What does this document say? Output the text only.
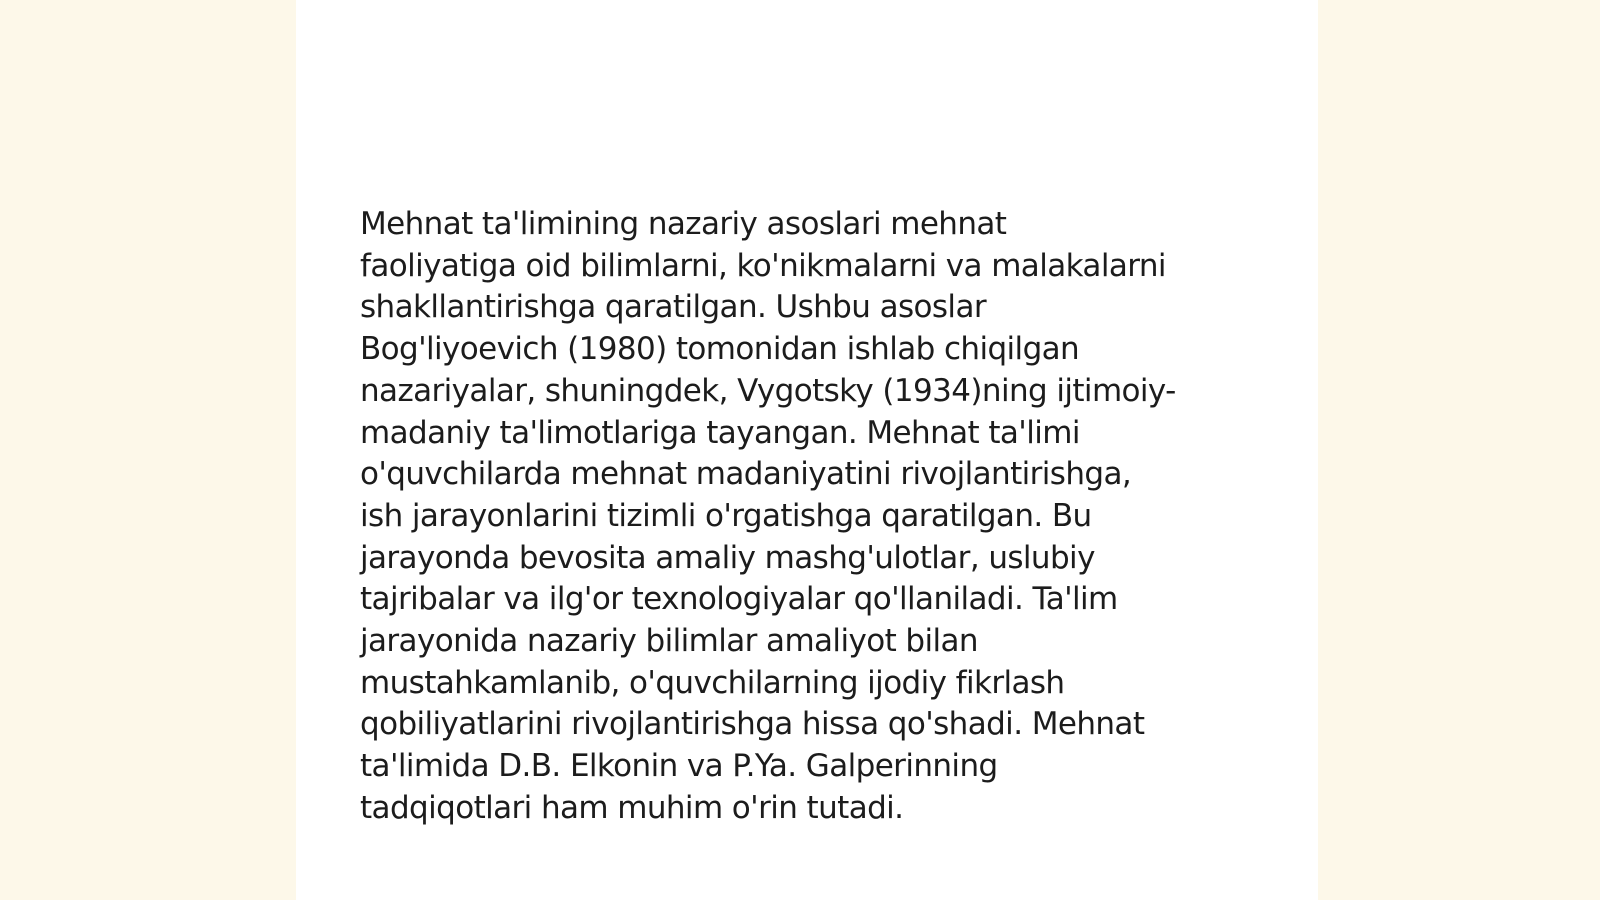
Mehnat ta'limining nazariy asoslari mehnat
faoliyatiga oid bilimlarni, ko'nikmalarni va malakalarni
shakllantirishga qaratilgan. Ushbu asoslar
Bog'liyoevich (1980) tomonidan ishlab chiqilgan
nazariyalar, shuningdek, Vygotsky (1934)ning ijtimoiy-
madaniy ta'limotlariga tayangan. Mehnat ta'limi
o'quvchilarda mehnat madaniyatini rivojlantirishga,
ish jarayonlarini tizimli o'rgatishga qaratilgan. Bu
jarayonda bevosita amaliy mashg'ulotlar, uslubiy
tajribalar va ilg'or texnologiyalar qo'llaniladi. Ta'lim
jarayonida nazariy bilimlar amaliyot bilan
mustahkamlanib, o'quvchilarning ijodiy fikrlash
qobiliyatlarini rivojlantirishga hissa qo'shadi. Mehnat
ta'limida D.B. Elkonin va P.Ya. Galperinning
tadqiqotlari ham muhim o'rin tutadi.
